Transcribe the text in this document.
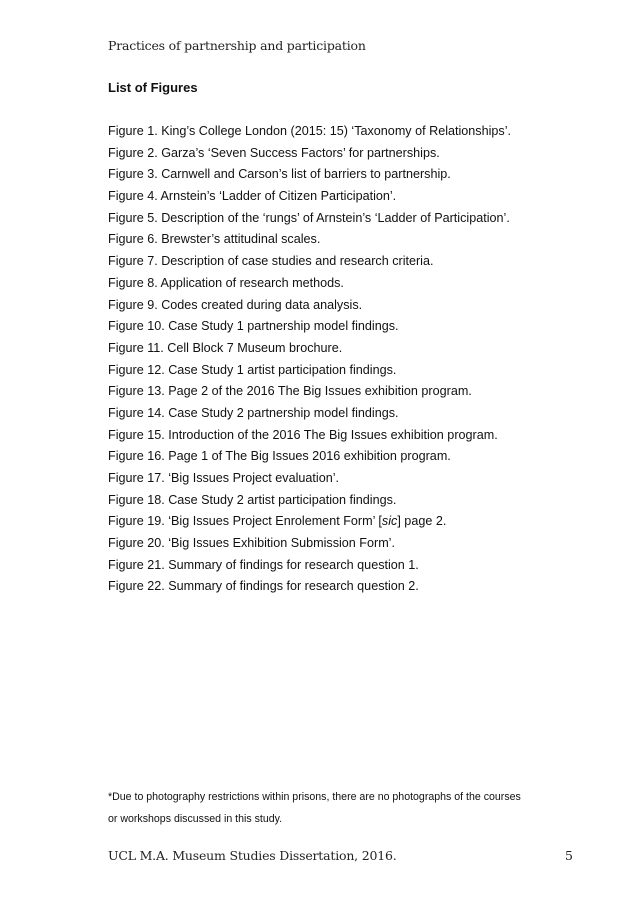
Practices of partnership and participation
List of Figures
Figure 1. King’s College London (2015: 15) ‘Taxonomy of Relationships’.
Figure 2. Garza’s ‘Seven Success Factors’ for partnerships.
Figure 3. Carnwell and Carson’s list of barriers to partnership.
Figure 4. Arnstein’s ‘Ladder of Citizen Participation’.
Figure 5. Description of the ‘rungs’ of Arnstein’s ‘Ladder of Participation’.
Figure 6. Brewster’s attitudinal scales.
Figure 7. Description of case studies and research criteria.
Figure 8. Application of research methods.
Figure 9. Codes created during data analysis.
Figure 10. Case Study 1 partnership model findings.
Figure 11. Cell Block 7 Museum brochure.
Figure 12. Case Study 1 artist participation findings.
Figure 13. Page 2 of the 2016 The Big Issues exhibition program.
Figure 14. Case Study 2 partnership model findings.
Figure 15. Introduction of the 2016 The Big Issues exhibition program.
Figure 16. Page 1 of The Big Issues 2016 exhibition program.
Figure 17. ‘Big Issues Project evaluation’.
Figure 18. Case Study 2 artist participation findings.
Figure 19. ‘Big Issues Project Enrolement Form’ [sic] page 2.
Figure 20. ‘Big Issues Exhibition Submission Form’.
Figure 21. Summary of findings for research question 1.
Figure 22. Summary of findings for research question 2.
*Due to photography restrictions within prisons, there are no photographs of the courses
or workshops discussed in this study.
UCL M.A. Museum Studies Dissertation, 2016.	5
